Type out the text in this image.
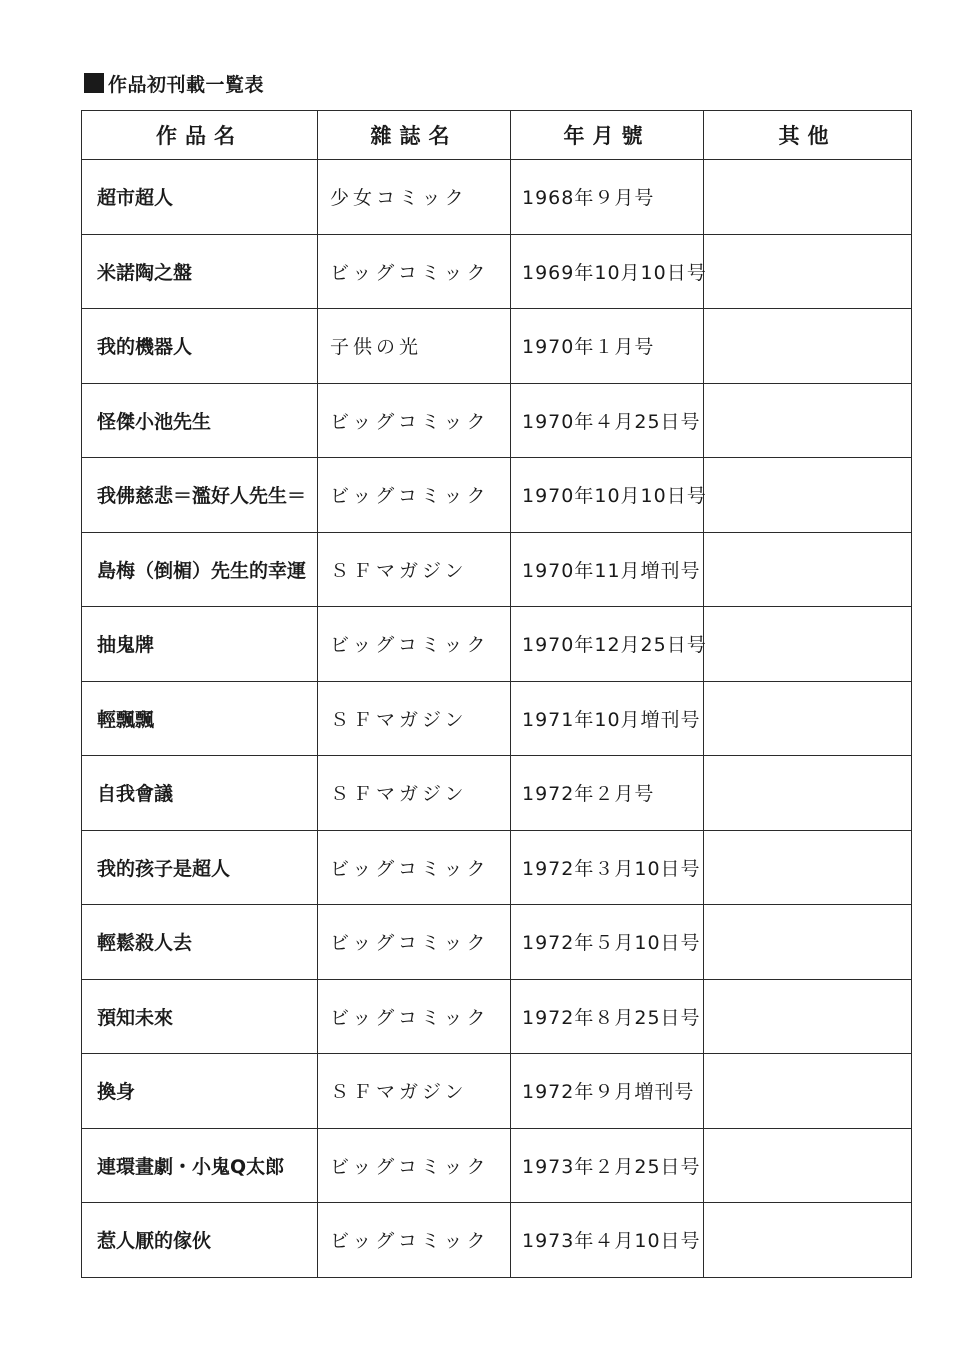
作品初刊載一覧表
作品名	雜誌名	年月號	其他
超市超人	少女コミック	1968年９月号	
米諾陶之盤	ビッグコミック	1969年10月10日号	
我的機器人	子供の光	1970年１月号	
怪傑小池先生	ビッグコミック	1970年４月25日号	
我佛慈悲＝濫好人先生＝	ビッグコミック	1970年10月10日号	
島梅（倒楣）先生的幸運	ＳＦマガジン	1970年11月増刊号	
抽鬼牌	ビッグコミック	1970年12月25日号	
輕飄飄	ＳＦマガジン	1971年10月増刊号	
自我會議	ＳＦマガジン	1972年２月号	
我的孩子是超人	ビッグコミック	1972年３月10日号	
輕鬆殺人去	ビッグコミック	1972年５月10日号	
預知未來	ビッグコミック	1972年８月25日号	
換身	ＳＦマガジン	1972年９月増刊号	
連環畫劇・小鬼Q太郎	ビッグコミック	1973年２月25日号	
惹人厭的傢伙	ビッグコミック	1973年４月10日号	
